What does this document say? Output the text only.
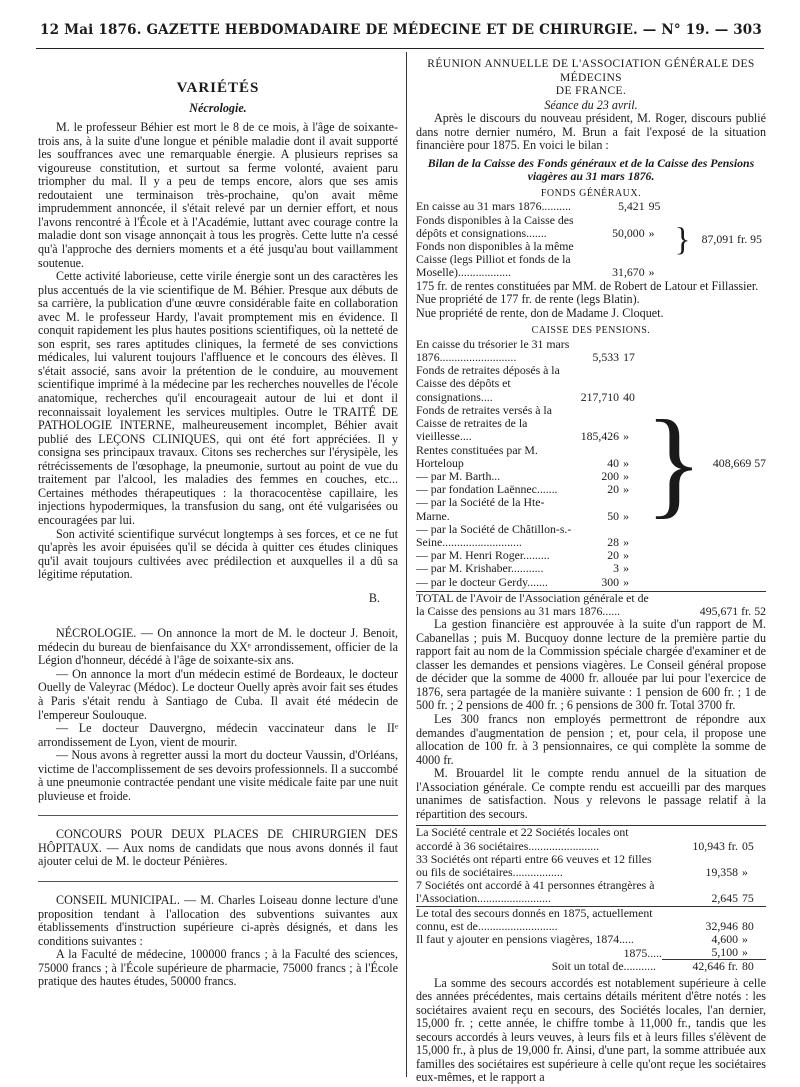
12 Mai 1876. GAZETTE HEBDOMADAIRE DE MÉDECINE ET DE CHIRURGIE. — N° 19. — 303

VARIÉTÉS

Nécrologie.

M. le professeur Béhier est mort le 8 de ce mois, à l'âge de soixante-trois ans, à la suite d'une longue et pénible maladie dont il avait supporté les souffrances avec une remarquable énergie. A plusieurs reprises sa vigoureuse constitution, et surtout sa ferme volonté, avaient paru triompher du mal. Il y a peu de temps encore, alors que ses amis redoutaient une terminaison très-prochaine, qu'on avait même imprudemment annoncée, il s'était relevé par un dernier effort, et nous l'avons rencontré à l'École et à l'Académie, luttant avec courage contre la maladie dont son visage annonçait à tous les progrès. Cette lutte n'a cessé qu'à l'approche des derniers moments et a été jusqu'au bout vaillamment soutenue.

Cette activité laborieuse, cette virile énergie sont un des caractères les plus accentués de la vie scientifique de M. Béhier. Presque aux débuts de sa carrière, la publication d'une œuvre considérable faite en collaboration avec M. le professeur Hardy, l'avait promptement mis en évidence. Il conquit rapidement les plus hautes positions scientifiques, où la netteté de son esprit, ses rares aptitudes cliniques, la fermeté de ses convictions médicales, lui valurent toujours l'affluence et le concours des élèves. Il s'était associé, sans avoir la prétention de le conduire, au mouvement scientifique imprimé à la médecine par les recherches nouvelles de l'école anatomique, recherches qu'il encourageait autour de lui et dont il reconnaissait loyalement les services multiples. Outre le TRAITÉ DE PATHOLOGIE INTERNE, malheureusement incomplet, Béhier avait publié des LEÇONS CLINIQUES, qui ont été fort appréciées. Il y consigna ses principaux travaux. Citons ses recherches sur l'érysipèle, les rétrécissements de l'œsophage, la pneumonie, surtout au point de vue du traitement par l'alcool, les maladies des femmes en couches, etc... Certaines méthodes thérapeutiques : la thoracocentèse capillaire, les injections hypodermiques, la transfusion du sang, ont été vulgarisées ou encouragées par lui.

Son activité scientifique survécut longtemps à ses forces, et ce ne fut qu'après les avoir épuisées qu'il se décida à quitter ces études cliniques qu'il avait toujours cultivées avec prédilection et auxquelles il a dû sa légitime réputation.

B.

NÉCROLOGIE. — On annonce la mort de M. le docteur J. Benoit, médecin du bureau de bienfaisance du XXᵉ arrondissement, officier de la Légion d'honneur, décédé à l'âge de soixante-six ans.

— On annonce la mort d'un médecin estimé de Bordeaux, le docteur Ouelly de Valeyrac (Médoc). Le docteur Ouelly après avoir fait ses études à Paris s'était rendu à Santiago de Cuba. Il avait été médecin de l'empereur Soulouque.

— Le docteur Dauvergno, médecin vaccinateur dans le IIᵉ arrondissement de Lyon, vient de mourir.

— Nous avons à regretter aussi la mort du docteur Vaussin, d'Orléans, victime de l'accomplissement de ses devoirs professionnels. Il a succombé à une pneumonie contractée pendant une visite médicale faite par une nuit pluvieuse et froide.

CONCOURS POUR DEUX PLACES DE CHIRURGIEN DES HÔPITAUX. — Aux noms de candidats que nous avons donnés il faut ajouter celui de M. le docteur Pénières.

CONSEIL MUNICIPAL. — M. Charles Loiseau donne lecture d'une proposition tendant à l'allocation des subventions suivantes aux établissements d'instruction supérieure ci-après désignés, et dans les conditions suivantes :

A la Faculté de médecine, 100000 francs ; à la Faculté des sciences, 75000 francs ; à l'École supérieure de pharmacie, 75000 francs ; à l'École pratique des hautes études, 50000 francs.

RÉUNION ANNUELLE DE L'ASSOCIATION GÉNÉRALE DES MÉDECINS

DE FRANCE.

Séance du 23 avril.

Après le discours du nouveau président, M. Roger, discours publié dans notre dernier numéro, M. Brun a fait l'exposé de la situation financière pour 1875. En voici le bilan :

Bilan de la Caisse des Fonds généraux et de la Caisse des Pensions viagères au 31 mars 1876.

FONDS GÉNÉRAUX.

En caisse au 31 mars 1876..........	5,421	95	}	87,091 fr. 95
Fonds disponibles à la Caisse des dépôts et consignations.......	50,000	»		
Fonds non disponibles à la même Caisse (legs Pilliot et fonds de la Moselle)..................	31,670	»		

175 fr. de rentes constituées par MM. de Robert de Latour et Fillassier.

Nue propriété de 177 fr. de rente (legs Blatin).

Nue propriété de rente, don de Madame J. Cloquet.

CAISSE DES PENSIONS.

En caisse du trésorier le 31 mars 1876..........................	5,533	17	}	408,669 57
Fonds de retraites déposés à la Caisse des dépôts et consignations....	217,710	40		
Fonds de retraites versés à la Caisse de retraites de la vieillesse....	185,426	»		
Rentes constituées par M. Horteloup	40	»		
— par M. Barth...	200	»		
— par fondation Laënnec.......	20	»		
— par la Société de la Hte-Marne.	50	»		
— par la Société de Châtillon-s.-Seine...........................	28	»		
— par M. Henri Roger.........	20	»		
— par M. Krishaber...........	3	»		
— par le docteur Gerdy.......	300	»		
TOTAL de l'Avoir de l'Association générale et de la Caisse des pensions au 31 mars 1876......	495,671 fr. 52

La gestion financière est approuvée à la suite d'un rapport de M. Cabanellas ; puis M. Bucquoy donne lecture de la première partie du rapport fait au nom de la Commission spéciale chargée d'examiner et de classer les demandes et pensions viagères. Le Conseil général propose de décider que la somme de 4000 fr. allouée par lui pour l'exercice de 1876, sera partagée de la manière suivante : 1 pension de 600 fr. ; 1 de 500 fr. ; 2 pensions de 400 fr. ; 6 pensions de 300 fr. Total 3700 fr.

Les 300 francs non employés permettront de répondre aux demandes d'augmentation de pension ; et, pour cela, il propose une allocation de 100 fr. à 3 pensionnaires, ce qui complète la somme de 4000 fr.

M. Brouardel lit le compte rendu annuel de la situation de l'Association générale. Ce compte rendu est accueilli par des marques unanimes de satisfaction. Nous y relevons le passage relatif à la répartition des secours.

La Société centrale et 22 Sociétés locales ont accordé à 36 sociétaires........................	10,943 fr.	05
33 Sociétés ont réparti entre 66 veuves et 12 filles ou fils de sociétaires.................	19,358	»
7 Sociétés ont accordé à 41 personnes étrangères à l'Association.........................	2,645	75
Le total des secours donnés en 1875, actuellement connu, est de...........................	32,946	80
Il faut y ajouter en pensions viagères, 1874.....	4,600	»
1875.....	5,100	»
Soit un total de...........	42,646 fr.	80

La somme des secours accordés est notablement supérieure à celle des années précédentes, mais certains détails méritent d'être notés : les sociétaires avaient reçu en secours, des Sociétés locales, l'an dernier, 15,000 fr. ; cette année, le chiffre tombe à 11,000 fr., tandis que les secours accordés à leurs veuves, à leurs fils et à leurs filles s'élèvent de 15,000 fr., à plus de 19,000 fr. Ainsi, d'une part, la somme attribuée aux familles des sociétaires est supérieure à celle qu'ont reçue les sociétaires eux-mêmes, et le rapport a
